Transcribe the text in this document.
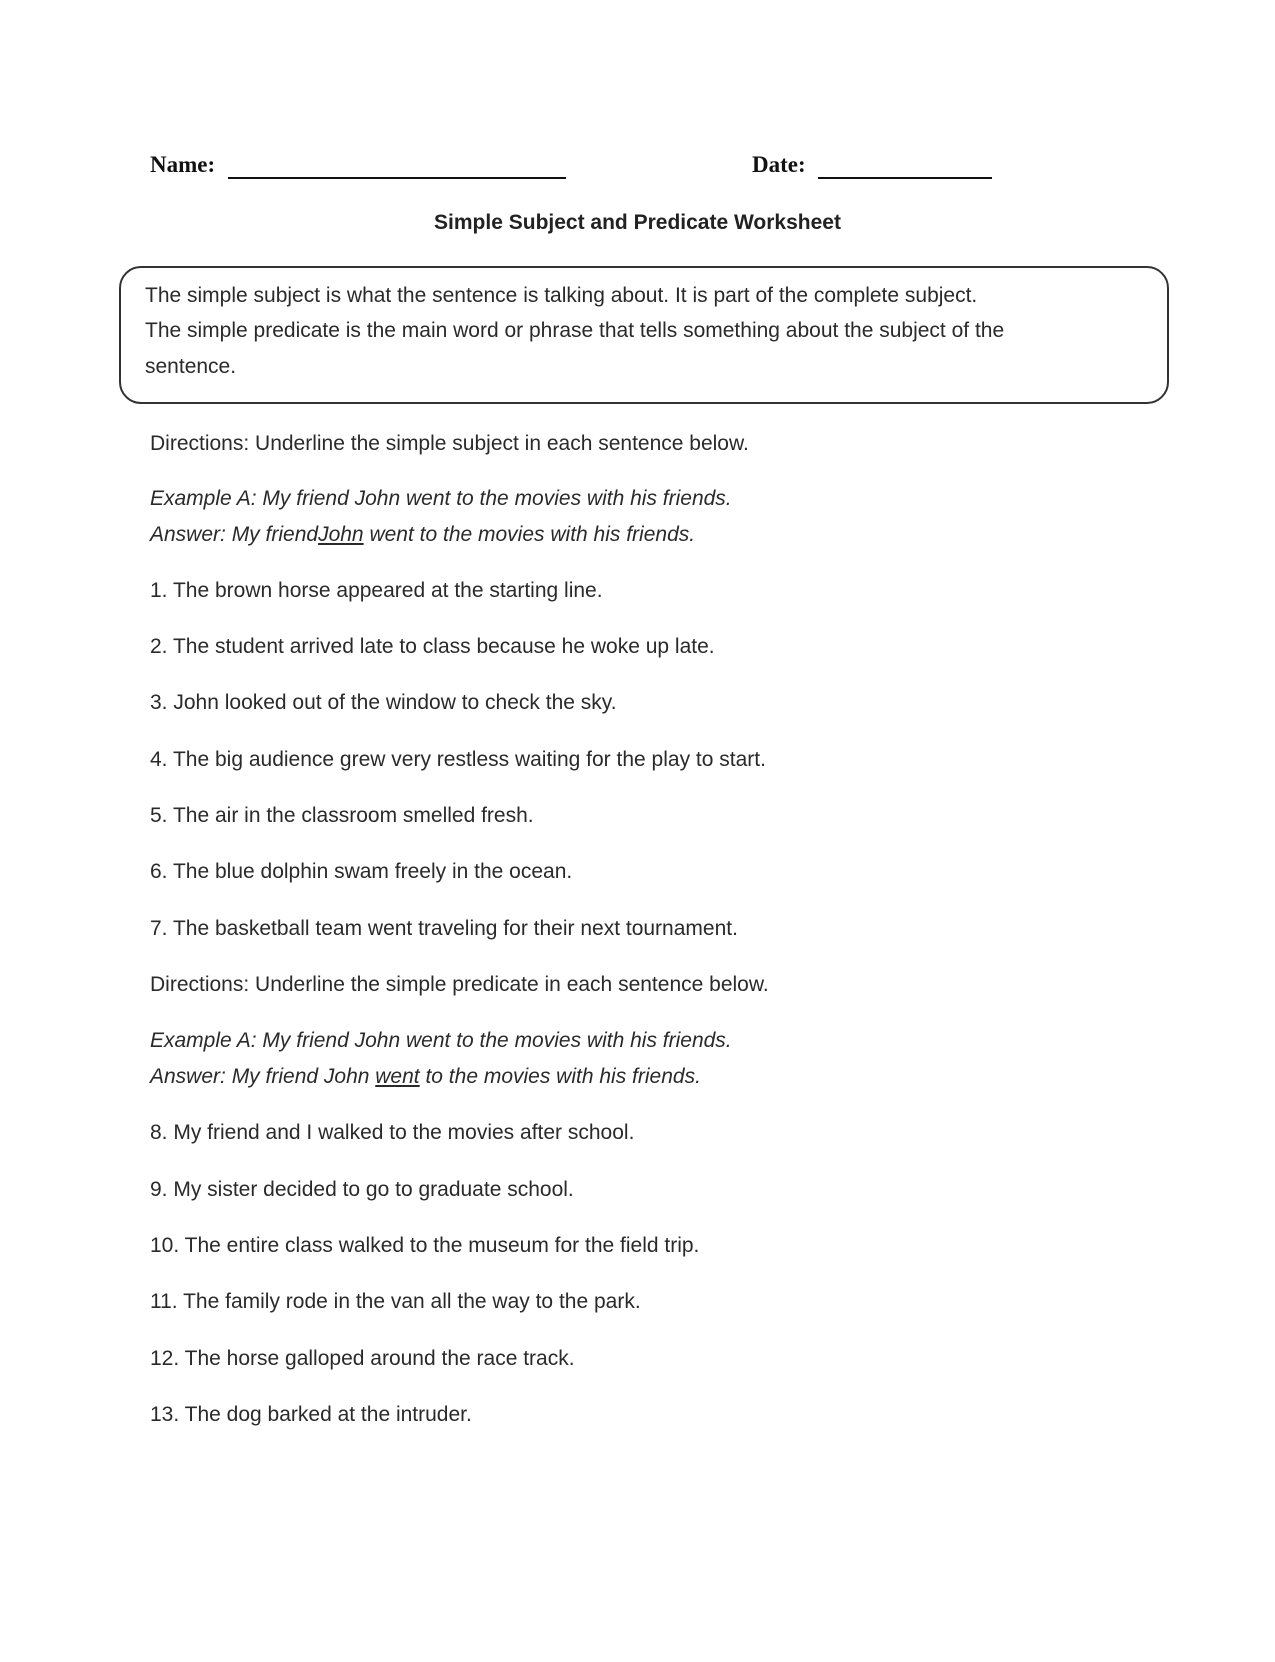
Name:	Date:
Simple Subject and Predicate Worksheet
The simple subject is what the sentence is talking about. It is part of the complete subject.
The simple predicate is the main word or phrase that tells something about the subject of the
sentence.
Directions: Underline the simple subject in each sentence below.
Example A: My friend John went to the movies with his friends.
Answer: My friendJohn went to the movies with his friends.
1. The brown horse appeared at the starting line.
2. The student arrived late to class because he woke up late.
3. John looked out of the window to check the sky.
4. The big audience grew very restless waiting for the play to start.
5. The air in the classroom smelled fresh.
6. The blue dolphin swam freely in the ocean.
7. The basketball team went traveling for their next tournament.
Directions: Underline the simple predicate in each sentence below.
Example A: My friend John went to the movies with his friends.
Answer: My friend John went to the movies with his friends.
8. My friend and I walked to the movies after school.
9. My sister decided to go to graduate school.
10. The entire class walked to the museum for the field trip.
11. The family rode in the van all the way to the park.
12. The horse galloped around the race track.
13. The dog barked at the intruder.
